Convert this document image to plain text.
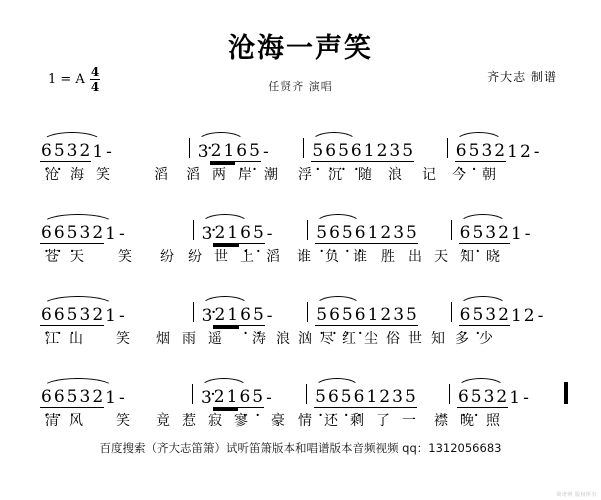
沧海一声笑
任贤齐 演唱
1 = A $\frac{4}{4}$	齐大志 制谱
· 6 · 5 3 2 1 -	3 · 2 1 · 6 · 5 -	· 5 · 6 · 5 · 6 1 2 3 5	· 6 · 5 3 2 1 2 -
沧 海 笑	滔	滔 两 岸 潮	浮	沉	随	浪	记	今	朝
· 6 · 6 · 5 3 2 1 -	3 · 2 1 · 6 · 5 -	· 5 · 6 · 5 · 6 1 2 3 5	· 6 · 5 3 2 1 -
苍 天	笑	纷	纷 世 上 滔	谁	负	谁	胜 出 天 知 晓
· 6 · 6 · 5 3 2 1 -	3 · 2 1 · 6 · 5 -	· 5 · 6 · 5 · 6 1 2 3 5	· 6 · 5 3 2 1 2 -
江 山	笑	烟 雨 遥	涛 浪 汹 尽 红 尘 俗 世 知 多 少
· 6 · 6 · 5 3 2 1 -	3 · 2 1 · 6 · 5 -	· 5 · 6 · 5 · 6 1 2 3 5 · 6 · 5 3 2 1 -
清 风	笑	竟 惹 寂 寥	豪 情 还 剩 了 一	襟 晚 照
百度搜索（齐大志笛箫）试听笛箫版本和唱谱版本音频视频 qq：1312056683
简谱网 版权所有
